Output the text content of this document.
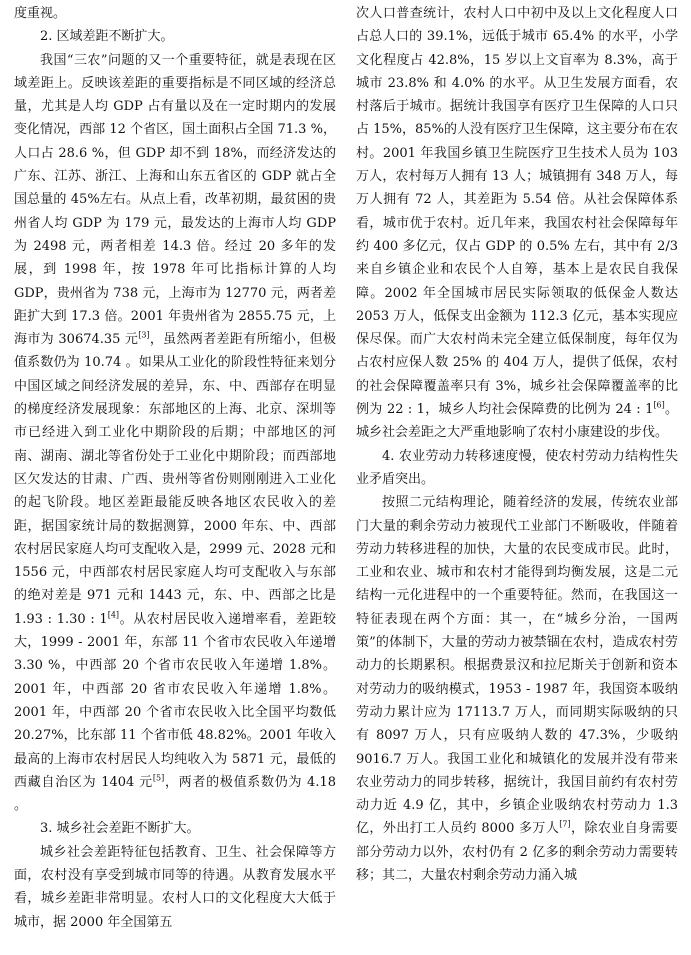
度重视。

2. 区域差距不断扩大。

我国“三农”问题的又一个重要特征，就是表现在区域差距上。反映该差距的重要指标是不同区域的经济总量，尤其是人均 GDP 占有量以及在一定时期内的发展变化情况，西部 12 个省区，国土面积占全国 71.3 %，人口占 28.6 %，但 GDP 却不到 18%，而经济发达的广东、江苏、浙江、上海和山东五省区的 GDP 就占全国总量的 45%左右。从点上看，改革初期，最贫困的贵州省人均 GDP 为 179 元，最发达的上海市人均 GDP 为 2498 元，两者相差 14.3 倍。经过 20 多年的发展，到 1998 年，按 1978 年可比指标计算的人均 GDP，贵州省为 738 元，上海市为 12770 元，两者差距扩大到 17.3 倍。2001 年贵州省为 2855.75 元，上海市为 30674.35 元[3]，虽然两者差距有所缩小，但极值系数仍为 10.74 。如果从工业化的阶段性特征来划分中国区域之间经济发展的差异，东、中、西部存在明显的梯度经济发展现象：东部地区的上海、北京、深圳等市已经进入到工业化中期阶段的后期；中部地区的河南、湖南、湖北等省份处于工业化中期阶段；而西部地区欠发达的甘肃、广西、贵州等省份则刚刚进入工业化的起飞阶段。地区差距最能反映各地区农民收入的差距，据国家统计局的数据测算，2000 年东、中、西部农村居民家庭人均可支配收入是，2999 元、2028 元和 1556 元，中西部农村居民家庭人均可支配收入与东部的绝对差是 971 元和 1443 元，东、中、西部之比是 1.93 : 1.30 : 1[4]。从农村居民收入递增率看，差距较大，1999 - 2001 年，东部 11 个省市农民收入年递增 3.30 %，中西部 20 个省市农民收入年递增 1.8%。2001 年，中西部 20 省市农民收入年递增 1.8%。2001 年，中西部 20 个省市农民收入比全国平均数低 20.27%，比东部 11 个省市低 48.82%。2001 年收入最高的上海市农村居民人均纯收入为 5871 元，最低的西藏自治区为 1404 元[5]，两者的极值系数仍为 4.18 。

3. 城乡社会差距不断扩大。

城乡社会差距特征包括教育、卫生、社会保障等方面，农村没有享受到城市同等的待遇。从教育发展水平看，城乡差距非常明显。农村人口的文化程度大大低于城市，据 2000 年全国第五

次人口普查统计，农村人口中初中及以上文化程度人口占总人口的 39.1%，远低于城市 65.4% 的水平，小学文化程度占 42.8%，15 岁以上文盲率为 8.3%，高于城市 23.8% 和 4.0% 的水平。从卫生发展方面看，农村落后于城市。据统计我国享有医疗卫生保障的人口只占 15%，85%的人没有医疗卫生保障，这主要分布在农村。2001 年我国乡镇卫生院医疗卫生技术人员为 103 万人，农村每万人拥有 13 人；城镇拥有 348 万人，每万人拥有 72 人，其差距为 5.54 倍。从社会保障体系看，城市优于农村。近几年来，我国农村社会保障每年约 400 多亿元，仅占 GDP 的 0.5% 左右，其中有 2/3 来自乡镇企业和农民个人自筹，基本上是农民自我保障。2002 年全国城市居民实际领取的低保金人数达 2053 万人，低保支出金额为 112.3 亿元，基本实现应保尽保。而广大农村尚未完全建立低保制度，每年仅为占农村应保人数 25% 的 404 万人，提供了低保，农村的社会保障覆盖率只有 3%，城乡社会保障覆盖率的比例为 22 : 1，城乡人均社会保障费的比例为 24 : 1[6]。城乡社会差距之大严重地影响了农村小康建设的步伐。

4. 农业劳动力转移速度慢，使农村劳动力结构性失业矛盾突出。

按照二元结构理论，随着经济的发展，传统农业部门大量的剩余劳动力被现代工业部门不断吸收，伴随着劳动力转移进程的加快，大量的农民变成市民。此时，工业和农业、城市和农村才能得到均衡发展，这是二元结构一元化进程中的一个重要特征。然而，在我国这一特征表现在两个方面：其一，在“城乡分治，一国两策”的体制下，大量的劳动力被禁锢在农村，造成农村劳动力的长期累积。根据费景汉和拉尼斯关于创新和资本对劳动力的吸纳模式，1953 - 1987 年，我国资本吸纳劳动力累计应为 17113.7 万人，而同期实际吸纳的只有 8097 万人，只有应吸纳人数的 47.3%，少吸纳 9016.7 万人。我国工业化和城镇化的发展并没有带来农业劳动力的同步转移，据统计，我国目前约有农村劳动力近 4.9 亿，其中，乡镇企业吸纳农村劳动力 1.3 亿，外出打工人员约 8000 多万人[7]，除农业自身需要部分劳动力以外，农村仍有 2 亿多的剩余劳动力需要转移；其二，大量农村剩余劳动力涌入城
